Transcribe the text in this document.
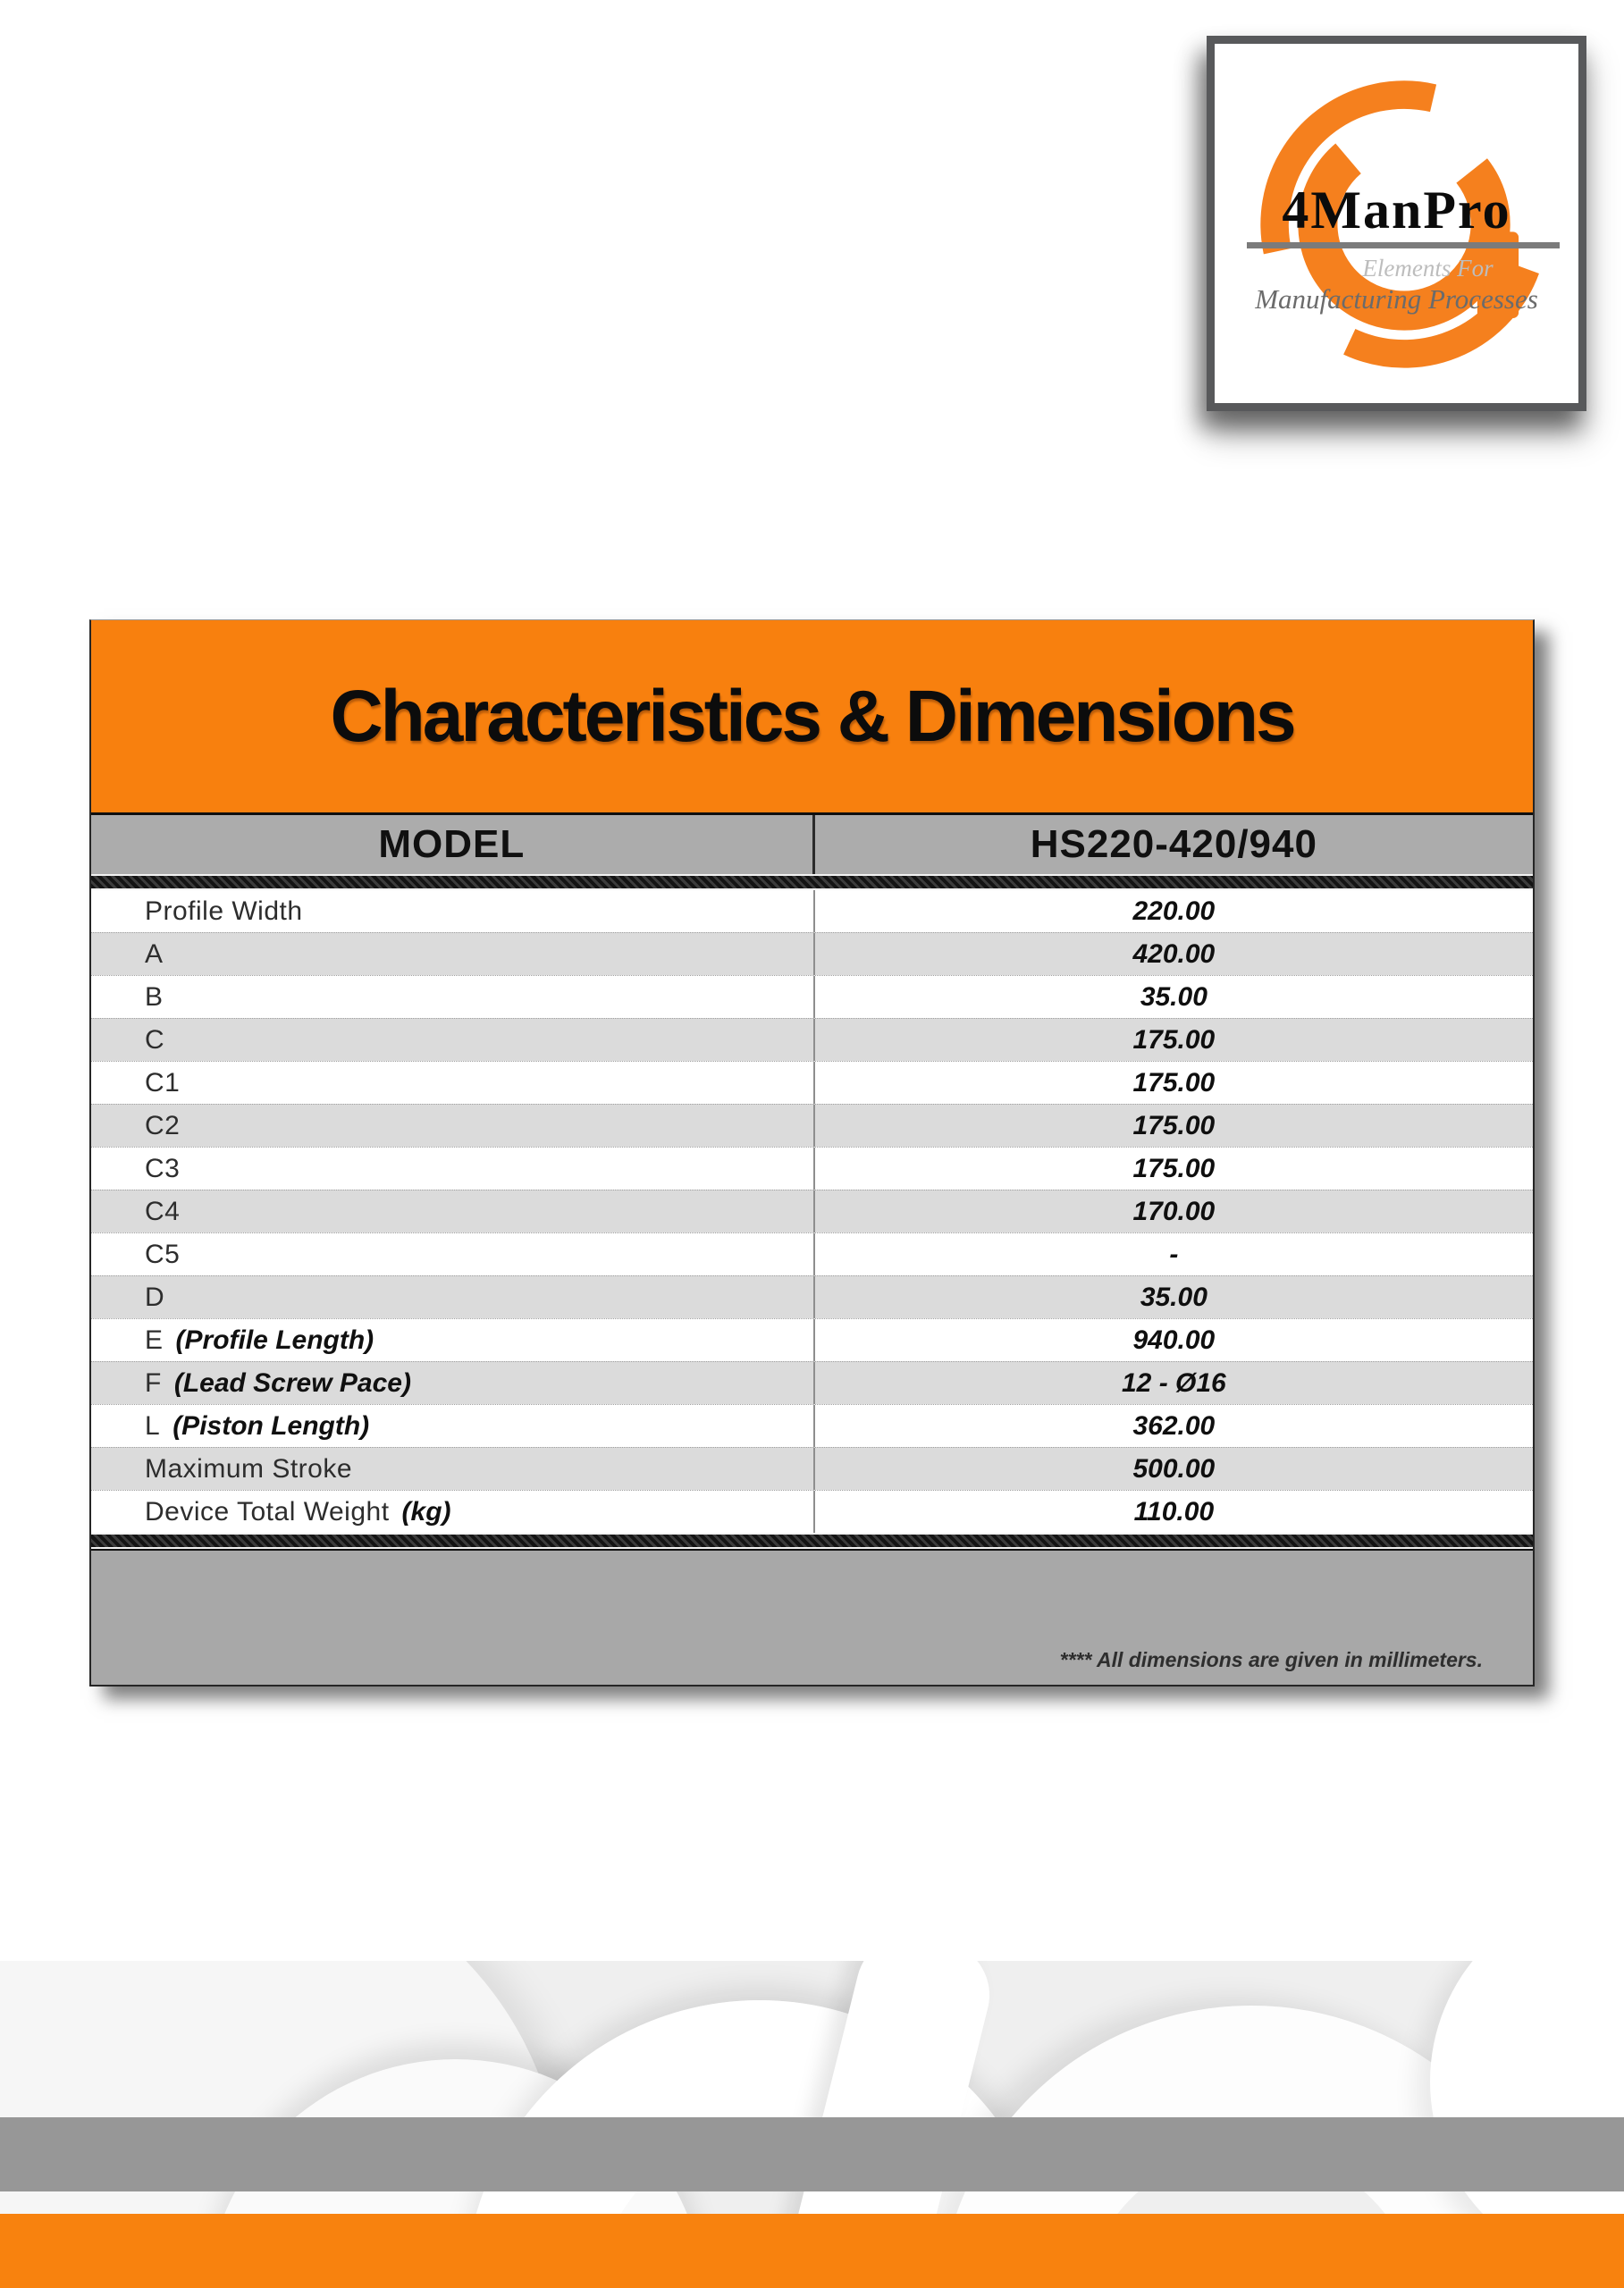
4ManPro
Elements For
Manufacturing Processes
Characteristics & Dimensions
MODEL	HS220-420/940
Profile Width	220.00
A	420.00
B	35.00
C	175.00
C1	175.00
C2	175.00
C3	175.00
C4	170.00
C5	-
D	35.00
E (Profile Length)	940.00
F (Lead Screw Pace)	12 - Ø16
L (Piston Length)	362.00
Maximum Stroke	500.00
Device Total Weight (kg)	110.00
**** All dimensions are given in millimeters.
